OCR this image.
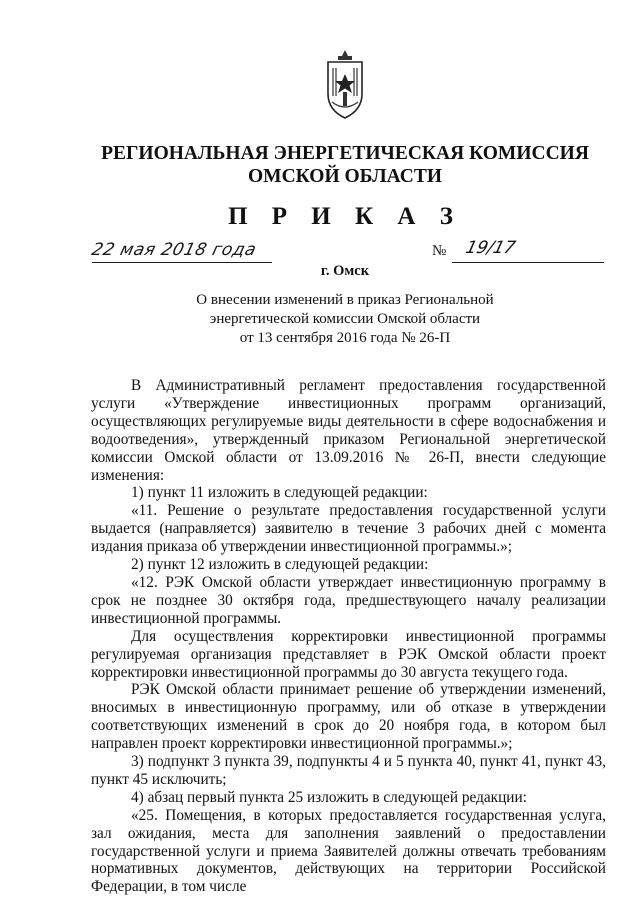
РЕГИОНАЛЬНАЯ ЭНЕРГЕТИЧЕСКАЯ КОМИССИЯ
ОМСКОЙ ОБЛАСТИ
П Р И К А З
22 мая 2018 года	№ 19/17
г. Омск
О внесении изменений в приказ Региональной
энергетической комиссии Омской области
от 13 сентября 2016 года № 26-П

В Административный регламент предоставления государственной услуги «Утверждение инвестиционных программ организаций, осуществляющих регулируемые виды деятельности в сфере водоснабжения и водоотведения», утвержденный приказом Региональной энергетической комиссии Омской области от 13.09.2016 № 26-П, внести следующие изменения:

1) пункт 11 изложить в следующей редакции:

«11. Решение о результате предоставления государственной услуги выдается (направляется) заявителю в течение 3 рабочих дней с момента издания приказа об утверждении инвестиционной программы.»;

2) пункт 12 изложить в следующей редакции:

«12. РЭК Омской области утверждает инвестиционную программу в срок не позднее 30 октября года, предшествующего началу реализации инвестиционной программы.

Для осуществления корректировки инвестиционной программы регулируемая организация представляет в РЭК Омской области проект корректировки инвестиционной программы до 30 августа текущего года.

РЭК Омской области принимает решение об утверждении изменений, вносимых в инвестиционную программу, или об отказе в утверждении соответствующих изменений в срок до 20 ноября года, в котором был направлен проект корректировки инвестиционной программы.»;

3) подпункт 3 пункта 39, подпункты 4 и 5 пункта 40, пункт 41, пункт 43, пункт 45 исключить;

4) абзац первый пункта 25 изложить в следующей редакции:

«25. Помещения, в которых предоставляется государственная услуга, зал ожидания, места для заполнения заявлений о предоставлении государственной услуги и приема Заявителей должны отвечать требованиям нормативных документов, действующих на территории Российской Федерации, в том числе
